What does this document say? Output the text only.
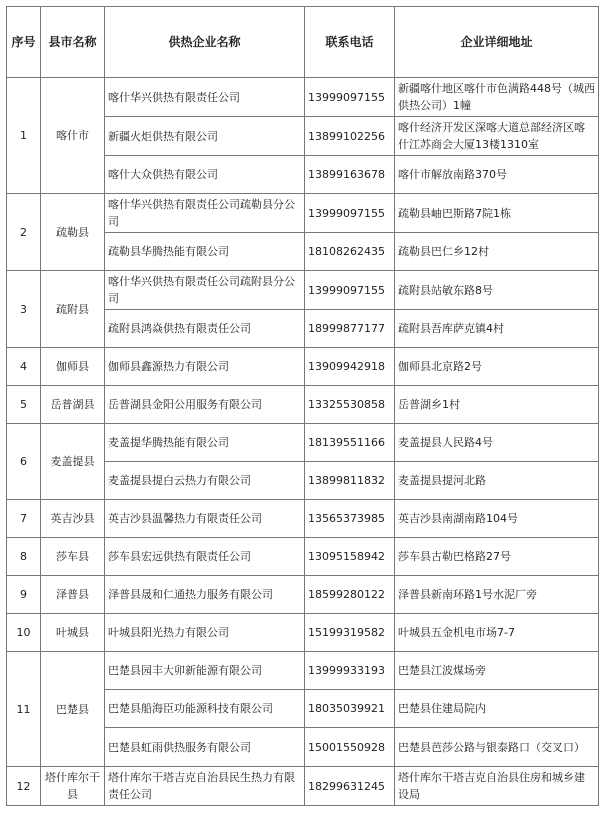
序号	县市名称	供热企业名称	联系电话	企业详细地址
1	喀什市	喀什华兴供热有限责任公司	13999097155	新疆喀什地区喀什市色满路448号（城西供热公司）1幢
		新疆火炬供热有限公司	13899102256	喀什经济开发区深喀大道总部经济区喀什江苏商会大厦13楼1310室
		喀什大众供热有限公司	13899163678	喀什市解放南路370号
2	疏勒县	喀什华兴供热有限责任公司疏勒县分公司	13999097155	疏勒县岫巴斯路7院1栋
		疏勒县华腾热能有限公司	18108262435	疏勒县巴仁乡12村
3	疏附县	喀什华兴供热有限责任公司疏附县分公司	13999097155	疏附县站敏东路8号
		疏附县鸿焱供热有限责任公司	18999877177	疏附县吾库萨克镇4村
4	伽师县	伽师县鑫源热力有限公司	13909942918	伽师县北京路2号
5	岳普湖县	岳普湖县金阳公用服务有限公司	13325530858	岳普湖乡1村
6	麦盖提县	麦盖提华腾热能有限公司	18139551166	麦盖提县人民路4号
		麦盖提县提白云热力有限公司	13899811832	麦盖提县提河北路
7	英吉沙县	英吉沙县温馨热力有限责任公司	13565373985	英吉沙县南湖南路104号
8	莎车县	莎车县宏远供热有限责任公司	13095158942	莎车县古勒巴格路27号
9	泽普县	泽普县晟和仁通热力服务有限公司	18599280122	泽普县新南环路1号水泥厂旁
10	叶城县	叶城县阳光热力有限公司	15199319582	叶城县五金机电市场7-7
11	巴楚县	巴楚县园丰大卯新能源有限公司	13999933193	巴楚县江波煤场旁
		巴楚县船海臣功能源科技有限公司	18035039921	巴楚县住建局院内
		巴楚县虹雨供热服务有限公司	15001550928	巴楚县芭莎公路与银泰路口（交叉口）
12	塔什库尔干县	塔什库尔干塔吉克自治县民生热力有限责任公司	18299631245	塔什库尔干塔吉克自治县住房和城乡建设局
